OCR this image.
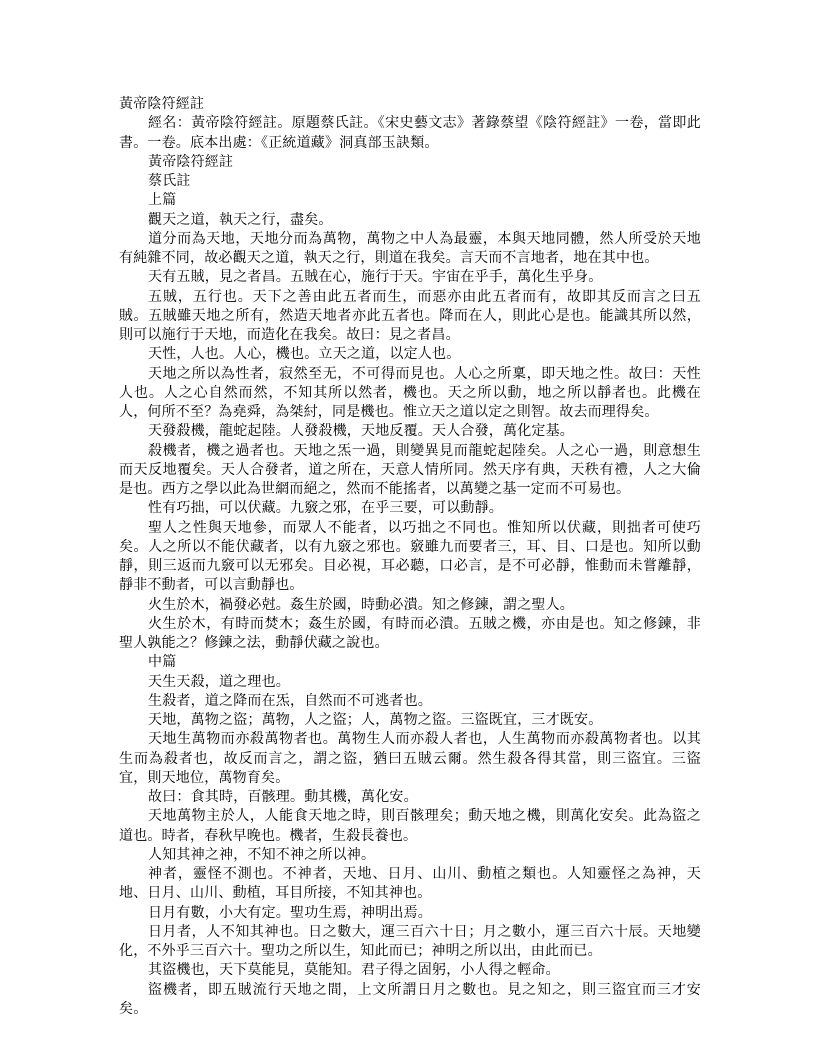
黃帝陰符經註

經名：黃帝陰符經註。原題蔡氏註。《宋史藝文志》著錄蔡望《陰符經註》一卷，當即此書。一卷。底本出處：《正統道藏》洞真部玉訣類。

黃帝陰符經註

蔡氏註

上篇

觀天之道，執天之行，盡矣。

道分而為天地，天地分而為萬物，萬物之中人為最靈，本與天地同體，然人所受於天地有純雜不同，故必觀天之道，執天之行，則道在我矣。言天而不言地者，地在其中也。

天有五賊，見之者昌。五賊在心，施行于天。宇宙在乎手，萬化生乎身。

五賊，五行也。天下之善由此五者而生，而惡亦由此五者而有，故即其反而言之曰五賊。五賊雖天地之所有，然造天地者亦此五者也。降而在人，則此心是也。能識其所以然，則可以施行于天地，而造化在我矣。故曰：見之者昌。

天性，人也。人心，機也。立天之道，以定人也。

天地之所以為性者，寂然至无，不可得而見也。人心之所稟，即天地之性。故曰：天性人也。人之心自然而然，不知其所以然者，機也。天之所以動，地之所以靜者也。此機在人，何所不至？為堯舜，為桀紂，同是機也。惟立天之道以定之則智。故去而理得矣。

天發殺機，龍蛇起陸。人發殺機，天地反覆。天人合發，萬化定基。

殺機者，機之過者也。天地之炁一過，則變異見而龍蛇起陸矣。人之心一過，則意想生而天反地覆矣。天人合發者，道之所在，天意人情所同。然天序有典，天秩有禮，人之大倫是也。西方之學以此為世網而絕之，然而不能搖者，以萬變之基一定而不可易也。

性有巧拙，可以伏藏。九竅之邪，在乎三要，可以動靜。

聖人之性與天地參，而眾人不能者，以巧拙之不同也。惟知所以伏藏，則拙者可使巧矣。人之所以不能伏藏者，以有九竅之邪也。竅雖九而要者三，耳、目、口是也。知所以動靜，則三返而九竅可以无邪矣。目必視，耳必聽，口必言，是不可必靜，惟動而未嘗離靜，靜非不動者，可以言動靜也。

火生於木，禍發必尅。姦生於國，時動必潰。知之修鍊，謂之聖人。

火生於木，有時而焚木；姦生於國，有時而必潰。五賊之機，亦由是也。知之修鍊，非聖人孰能之？修鍊之法，動靜伏藏之說也。

中篇

天生天殺，道之理也。

生殺者，道之降而在炁，自然而不可逃者也。

天地，萬物之盜；萬物，人之盜；人，萬物之盜。三盜既宜，三才既安。

天地生萬物而亦殺萬物者也。萬物生人而亦殺人者也，人生萬物而亦殺萬物者也。以其生而為殺者也，故反而言之，謂之盜，猶曰五賊云爾。然生殺各得其當，則三盜宜。三盜宜，則天地位，萬物育矣。

故曰：食其時，百骸理。動其機，萬化安。

天地萬物主於人，人能食天地之時，則百骸理矣；動天地之機，則萬化安矣。此為盜之道也。時者，春秋早晚也。機者，生殺長養也。

人知其神之神，不知不神之所以神。

神者，靈怪不測也。不神者，天地、日月、山川、動植之類也。人知靈怪之為神，天地、日月、山川、動植，耳目所接，不知其神也。

日月有數，小大有定。聖功生焉，神明出焉。

日月者，人不知其神也。日之數大，運三百六十日；月之數小，運三百六十辰。天地變化，不外乎三百六十。聖功之所以生，知此而已；神明之所以出，由此而已。

其盜機也，天下莫能見，莫能知。君子得之固躬，小人得之輕命。

盜機者，即五賊流行天地之間，上文所謂日月之數也。見之知之，則三盜宜而三才安矣。
